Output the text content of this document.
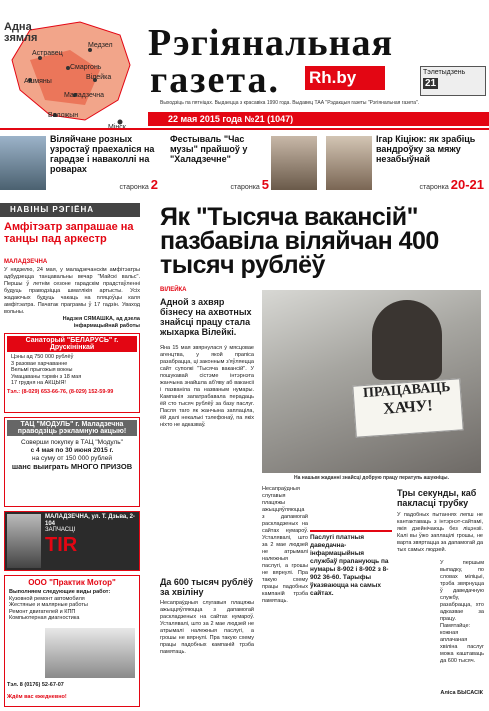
Адна
зямля
Медзел
Астравец
Смаргонь
Ашмяны
Вілейка
Маладзечна
Валожын
Мінск
Рэгіянальная
газета. Rh.by	Тэлетыдзень
21
Выходзіць па пятніцах. Выдаецца з красавіка 1990 года. Выдавец ТАА "Рэдакцыя газеты "Рэгіянальная газета".
22 мая 2015 года №21 (1047)
Віляйчане розных узростаў праехаліся на гарадзе і наваколлі на роварах
старонка 2
Фестываль "Час музы" прайшоў у "Халадзечне"
старонка 5
Ігар Кіціюк: як зрабіць вандроўку за мяжу незабыўнай
старонка 20-21
НАВІНЫ РЭГІЁНА
Амфітэатр запрашае на танцы пад аркестр
МАЛАДЗЕЧНА
У нядзелю, 24 мая, у маладзечанскім амфітэатры адбудзецца танцавальны вечар "Майскі вальс". Першы ў летнім сезоне гарадскім прадстаўленні будуць праводзіцца шматлікія артысты. Усіх жадаючых будуць чакаць на пляцоўцы каля амфітэатра. Пачатак праграмы ў 17 гадзін. Уваход вольны.
Надзея СЯМАШКА, ад дзела інфармацыйнай работы
Санаторый "БЕЛАРУСЬ" г. Друскінінкай
Цэны ад 750 000 рублёў
3 разовае харчаванне
Вельмі прыгожыя вокны
Умацаваны тэрмін з 18 мая
17 грудня на АКЦЫЯ!
Тэл.: (8-029) 653-66-76, (8-029) 152-59-99
ТАЦ "МОДУЛЬ" г. Маладзечна праводзіць рэкламную акцыю!
Соверши покупку в ТАЦ "Модуль"
с 4 мая по 30 июня 2015 г.
на суму от 150 000 рублей
шанс выиграть МНОГО ПРИЗОВ
МАЛАДЗЕЧНА, ул. Т. Дзьва, 2-104
ЗАПЧАСЦІ
TIR
ООО "Практик Мотор"
Выполняем следующие виды работ:
Кузовной ремонт автомобиля
Жестяные и малярные работы
Ремонт двигателей и КПП
Компьютерная диагностика
Тэл. 8 (0176) 52-67-07
Ждём вас ежедневно!
Як "Тысяча вакансій" пазбавіла віляйчан 400 тысяч рублёў
ВІЛЕЙКА
Адной з ахвяр бізнесу на ахвотных знайсці працу стала жыхарка Вілейкі.
ПРАЦАВАЦЬ
ХАЧУ!
На нашым жаданні знайсці добрую працу ператупь ашукніцы.
Яна 15 мая звярнулася ў мясцовае агенцтва, у якой прапіса разабрацца, ці законным з'яўляецца сайт суполкі "Тысяча вакансій". У пошукавай сістэме інтэрнэта жанчына знайшла аб'яву аб вакансіі і пазваніла па названым нумары. Кампанія запатрабавала перадаць ёй сто тысяч рублёў за базу паслуг. Пасля таго як жанчына заплаціла, ёй далі некалькі тэлефонаў, па якіх ніхто не адказваў.
Да 600 тысяч рублёў за хвіліну
Несапраўдныя слугавыя плацяжы ажыццяўляюцца з дапамогай раскладзеных на сайтах нумароў. Усталявалі, што за 2 мае людзей не атрымалі належныя паслугі, а грошы не вярнулі. Пра такую схему працы падобных кампаній трэба памятаць.
Несапраўдныя слугавыя плацяжы ажыццяўляюцца з дапамогай раскладзеных на сайтах нумароў. Усталявалі, што за 2 мае людзей не атрымалі належныя паслугі, а грошы не вярнулі. Пра такую схему працы падобных кампаній трэба памятаць.
Паслугі платныя даведачна-інфармацыйныя службаў прапануюць па нумары 8-902 і 8-902 з 8-902 36-60. Тарыфы ўказваюцца на самых сайтах.
Тры секунды, каб пакласці трубку
У падобных пытаннях лепш не кантактаваць з інтэрнэт-сайтамі, якія дзейнічаюць без ліцэнзіі. Калі вы ўжо заплацілі грошы, не варта звяртацца за дапамогай да тых самых людзей.
У першым выпадку, по словах міліцыі, трэба звярнуцца ў даведачную службу, разабрацца, хто адказвае за працу. Памятайце: кожная аплачаная хвіліна паслуг можа каштаваць да 600 тысяч.
Аліса БЫСАСІК
